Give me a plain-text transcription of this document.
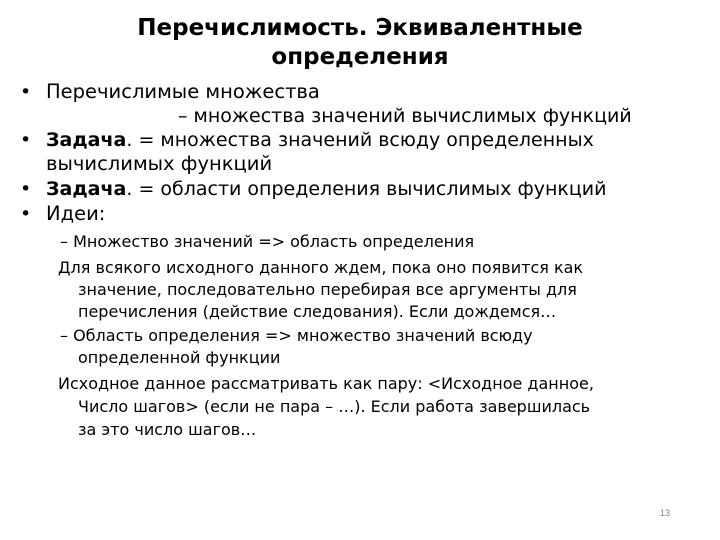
Перечислимость. Эквивалентные
определения
• Перечислимые множества
– множества значений вычислимых функций
• Задача. = множества значений всюду определенных
вычислимых функций
• Задача. = области определения вычислимых функций
• Идеи:
– Множество значений => область определения
Для всякого исходного данного ждем, пока оно появится как
значение, последовательно перебирая все аргументы для
перечисления (действие следования). Если дождемся…
– Область определения => множество значений всюду
определенной функции
Исходное данное рассматривать как пару: <Исходное данное,
Число шагов> (если не пара – …). Если работа завершилась
за это число шагов…
13
